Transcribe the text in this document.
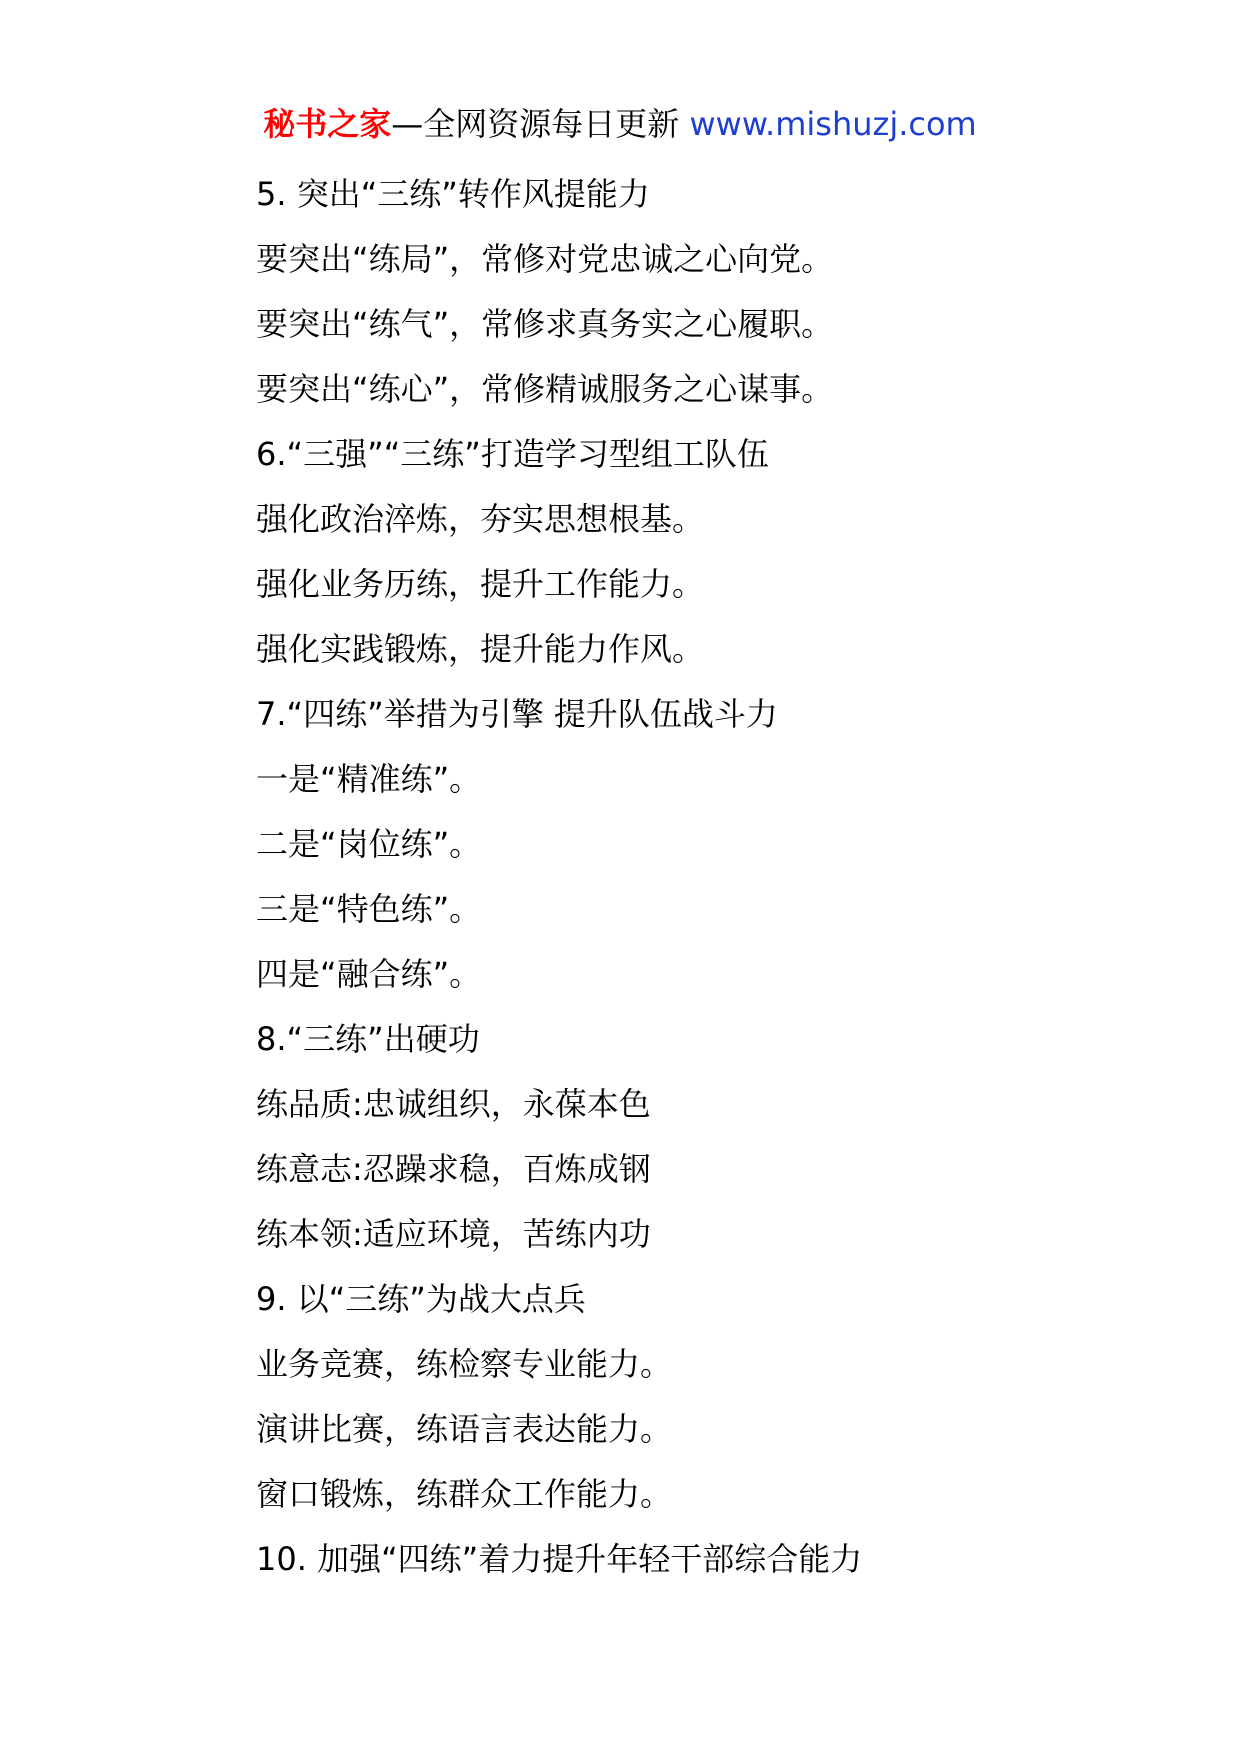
秘书之家—全网资源每日更新 www.mishuzj.com
5. 突出“三练”转作风提能力
要突出“练局”，常修对党忠诚之心向党。
要突出“练气”，常修求真务实之心履职。
要突出“练心”，常修精诚服务之心谋事。
6.“三强”“三练”打造学习型组工队伍
强化政治淬炼，夯实思想根基。
强化业务历练，提升工作能力。
强化实践锻炼，提升能力作风。
7.“四练”举措为引擎 提升队伍战斗力
一是“精准练”。
二是“岗位练”。
三是“特色练”。
四是“融合练”。
8.“三练”出硬功
练品质:忠诚组织，永葆本色
练意志:忍躁求稳，百炼成钢
练本领:适应环境，苦练内功
9. 以“三练”为战大点兵
业务竞赛，练检察专业能力。
演讲比赛，练语言表达能力。
窗口锻炼，练群众工作能力。
10. 加强“四练”着力提升年轻干部综合能力
